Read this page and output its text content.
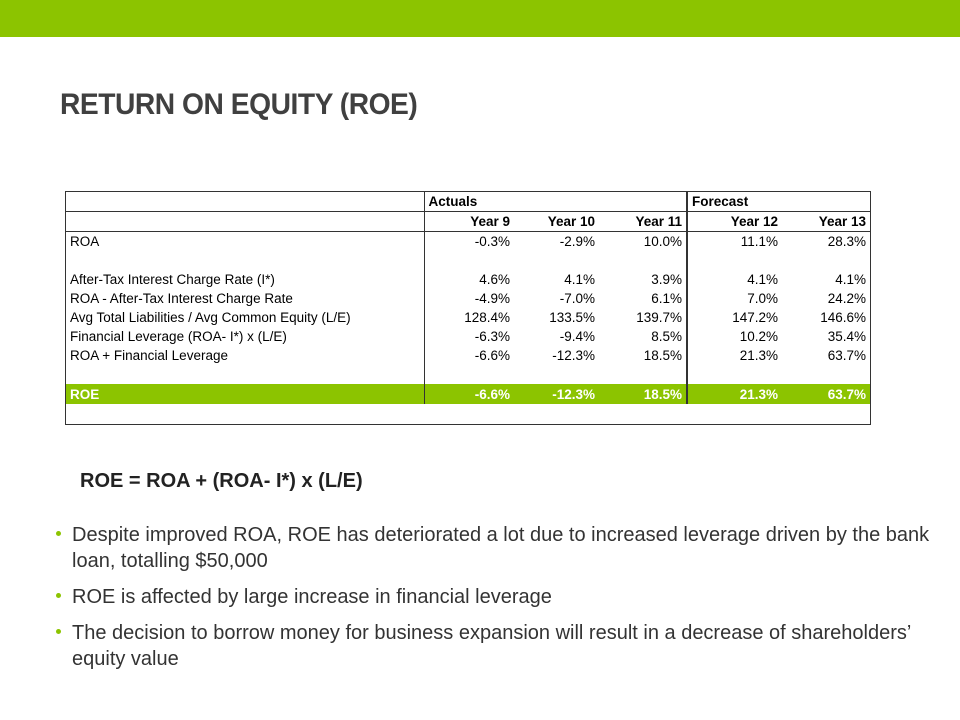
RETURN ON EQUITY (ROE)
	Actuals			Forecast	
	Year 9	Year 10	Year 11	Year 12	Year 13
ROA	-0.3%	-2.9%	10.0%	11.1%	28.3%

After-Tax Interest Charge Rate (I*)	4.6%	4.1%	3.9%	4.1%	4.1%
ROA - After-Tax Interest Charge Rate	-4.9%	-7.0%	6.1%	7.0%	24.2%
Avg Total Liabilities / Avg Common Equity (L/E)	128.4%	133.5%	139.7%	147.2%	146.6%
Financial Leverage (ROA- I*) x (L/E)	-6.3%	-9.4%	8.5%	10.2%	35.4%
ROA + Financial Leverage	-6.6%	-12.3%	18.5%	21.3%	63.7%

ROE	-6.6%	-12.3%	18.5%	21.3%	63.7%
ROE = ROA + (ROA- I*) x (L/E)
Despite improved ROA, ROE has deteriorated a lot due to increased leverage driven by the bank loan, totalling $50,000
ROE is affected by large increase in financial leverage
The decision to borrow money for business expansion will result in a decrease of shareholders’ equity value
